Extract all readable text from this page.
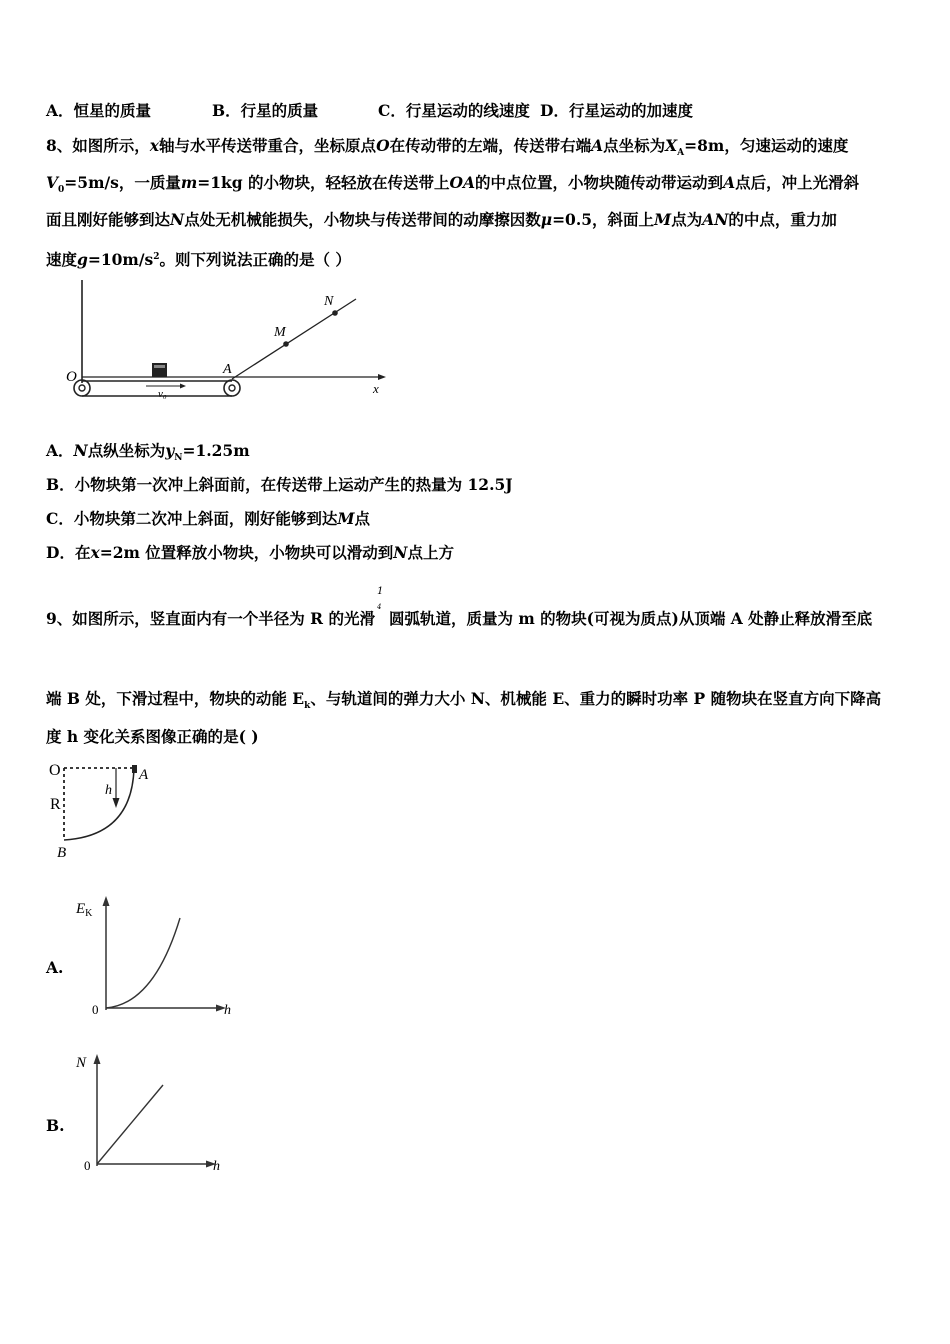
A．恒星的质量	B．行星的质量	C．行星运动的线速度 D．行星运动的加速度
8、如图所示，x轴与水平传送带重合，坐标原点O在传动带的左端，传送带右端A点坐标为$X_A=8m$，匀速运动的速度
$V_0=5m/s$，一质量m=1kg 的小物块，轻轻放在传送带上OA的中点位置，小物块随传动带运动到A点后，冲上光滑斜
面且刚好能够到达N点处无机械能损失，小物块与传送带间的动摩擦因数μ=0.5，斜面上M点为AN的中点，重力加
速度$g=10m/s^2$。则下列说法正确的是（ ）
v₀
O	A
M
N
x
A．N点纵坐标为$y_N=1.25m$
B．小物块第一次冲上斜面前，在传送带上运动产生的热量为 12.5J
C．小物块第二次冲上斜面，刚好能够到达M点
D．在x=2m 位置释放小物块，小物块可以滑动到N点上方
9、如图所示，竖直面内有一个半径为 R 的光滑
1
4
圆弧轨道，质量为 m 的物块(可视为质点)从顶端 A 处静止释放滑至底
端 B 处，下滑过程中，物块的动能 $E_k$、与轨道间的弹力大小 N、机械能 E、重力的瞬时功率 P 随物块在竖直方向下降高
度 h 变化关系图像正确的是( )
O	A
R
h
B
A.
$E_K$
0	h
B.
N
0	h
